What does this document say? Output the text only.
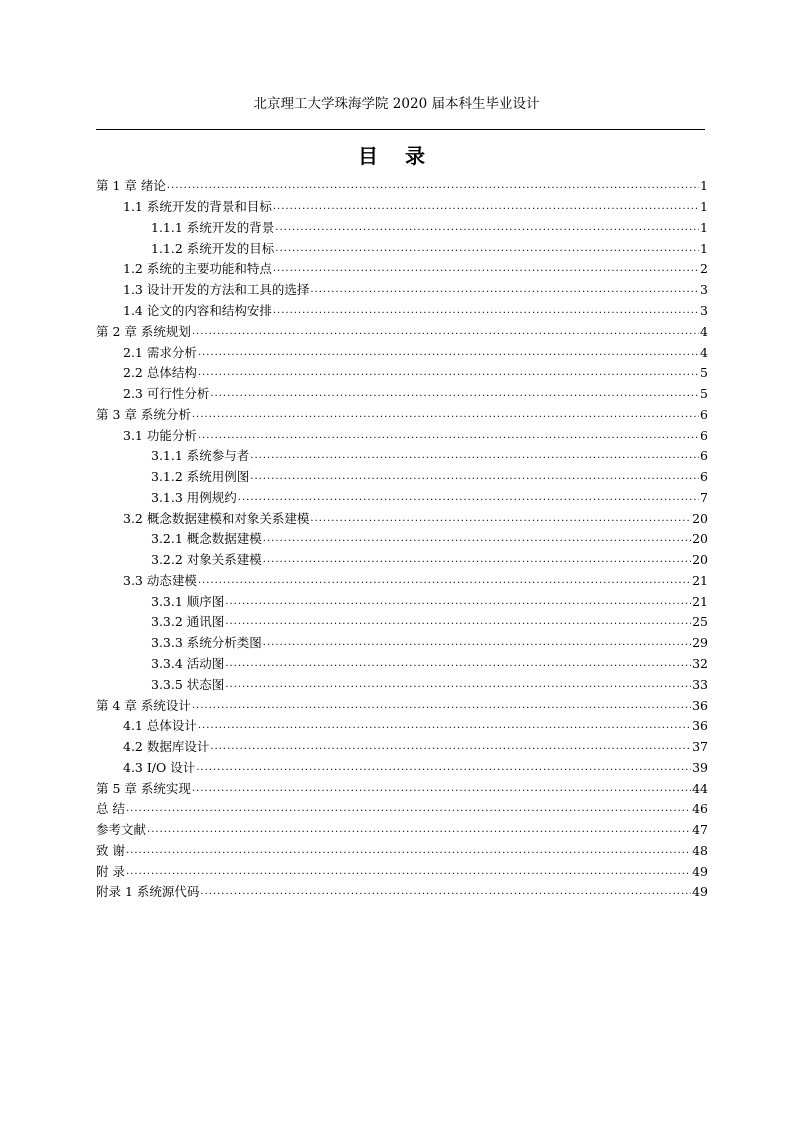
北京理工大学珠海学院 2020 届本科生毕业设计
目 录
第 1 章 绪论 .....	1
1.1 系统开发的背景和目标 .....	1
1.1.1 系统开发的背景 .....	1
1.1.2 系统开发的目标 .....	1
1.2 系统的主要功能和特点 .....	2
1.3 设计开发的方法和工具的选择 .....	3
1.4 论文的内容和结构安排 .....	3
第 2 章 系统规划 .....	4
2.1 需求分析 .....	4
2.2 总体结构 .....	5
2.3 可行性分析 .....	5
第 3 章 系统分析 .....	6
3.1 功能分析 .....	6
3.1.1 系统参与者 .....	6
3.1.2 系统用例图 .....	6
3.1.3 用例规约 .....	7
3.2 概念数据建模和对象关系建模 .....	20
3.2.1 概念数据建模 .....	20
3.2.2 对象关系建模 .....	20
3.3 动态建模 .....	21
3.3.1 顺序图 .....	21
3.3.2 通讯图 .....	25
3.3.3 系统分析类图 .....	29
3.3.4 活动图 .....	32
3.3.5 状态图 .....	33
第 4 章 系统设计 .....	36
4.1 总体设计 .....	36
4.2 数据库设计 .....	37
4.3 I/O 设计 .....	39
第 5 章 系统实现 .....	44
总 结 .....	46
参考文献 .....	47
致 谢 .....	48
附 录 .....	49
附录 1 系统源代码 .....	49
